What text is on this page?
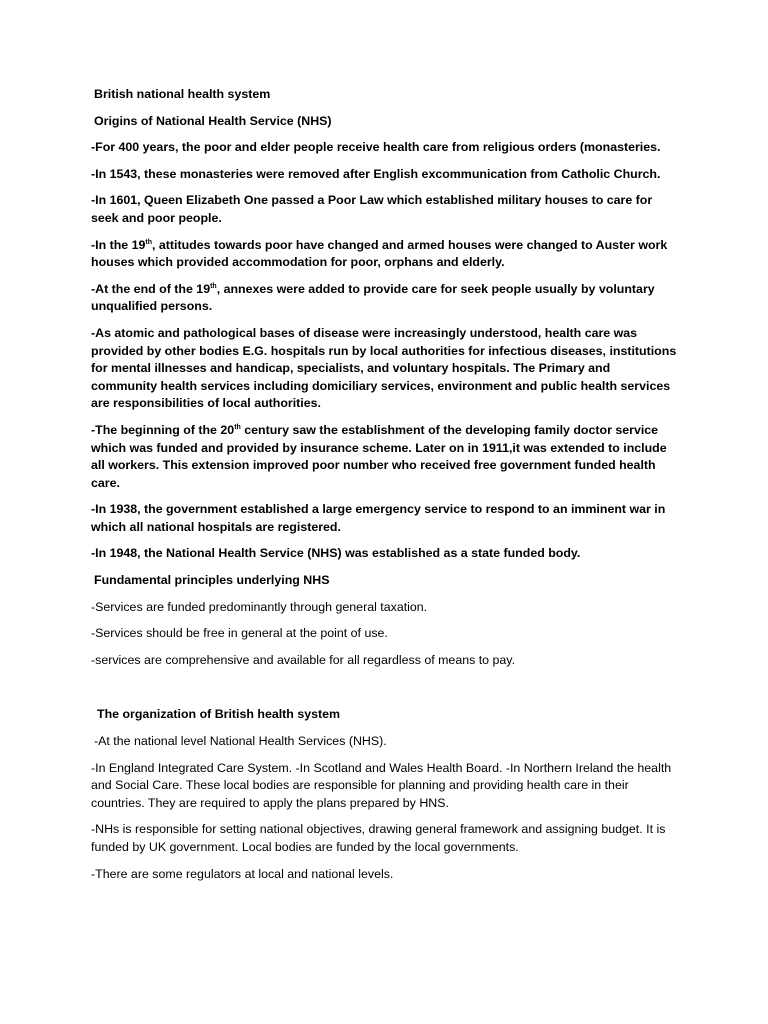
British national health system

Origins of National Health Service (NHS)

-For 400 years, the poor and elder people receive health care from religious orders (monasteries.

-In 1543, these monasteries were removed after English excommunication from Catholic Church.

-In 1601, Queen Elizabeth One passed a Poor Law which established military houses to care for seek and poor people.

-In the 19th, attitudes towards poor have changed and armed houses were changed to Auster work houses which provided accommodation for poor, orphans and elderly.

-At the end of the 19th, annexes were added to provide care for seek people usually by voluntary unqualified persons.

-As atomic and pathological bases of disease were increasingly understood, health care was provided by other bodies E.G. hospitals run by local authorities for infectious diseases, institutions for mental illnesses and handicap, specialists, and voluntary hospitals. The Primary and community health services including domiciliary services, environment and public health services are responsibilities of local authorities.

-The beginning of the 20th century saw the establishment of the developing family doctor service which was funded and provided by insurance scheme. Later on in 1911,it was extended to include all workers. This extension improved poor number who received free government funded health care.

-In 1938, the government established a large emergency service to respond to an imminent war in which all national hospitals are registered.

-In 1948, the National Health Service (NHS) was established as a state funded body.

Fundamental principles underlying NHS

-Services are funded predominantly through general taxation.

-Services should be free in general at the point of use.

-services are comprehensive and available for all regardless of means to pay.

The organization of British health system

-At the national level National Health Services (NHS).

-In England Integrated Care System. -In Scotland and Wales Health Board. -In Northern Ireland the health and Social Care. These local bodies are responsible for planning and providing health care in their countries. They are required to apply the plans prepared by HNS.

-NHs is responsible for setting national objectives, drawing general framework and assigning budget. It is funded by UK government. Local bodies are funded by the local governments.

-There are some regulators at local and national levels.
